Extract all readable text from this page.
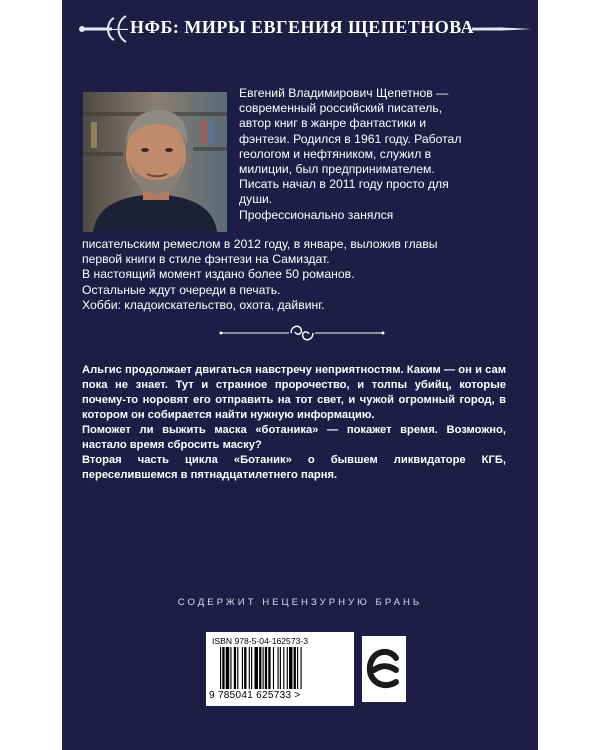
НФБ: МИРЫ ЕВГЕНИЯ ЩЕПЕТНОВА

Евгений Владимирович Щепетнов —

современный российский писатель,

автор книг в жанре фантастики и

фэнтези. Родился в 1961 году. Работал

геологом и нефтяником, служил в

милиции, был предпринимателем.

Писать начал в 2011 году просто для

души.

Профессионально занялся

писательским ремеслом в 2012 году, в январе, выложив главы

первой книги в стиле фэнтези на Самиздат.

В настоящий момент издано более 50 романов.

Остальные ждут очереди в печать.

Хобби: кладоискательство, охота, дайвинг.

Альгис продолжает двигаться навстречу неприятностям. Каким — он и сам пока не знает. Тут и странное пророчество, и толпы убийц, которые почему-то норовят его отправить на тот свет, и чужой огромный город, в котором он собирается найти нужную информацию.

Поможет ли выжить маска «ботаника» — покажет время. Возможно, настало время сбросить маску?

Вторая часть цикла «Ботаник» о бывшем ликвидаторе КГБ, переселившемся в пятнадцатилетнего парня.

СОДЕРЖИТ НЕЦЕНЗУРНУЮ БРАНЬ
ISBN 978-5-04-162573-3
9 785041 625733 >
